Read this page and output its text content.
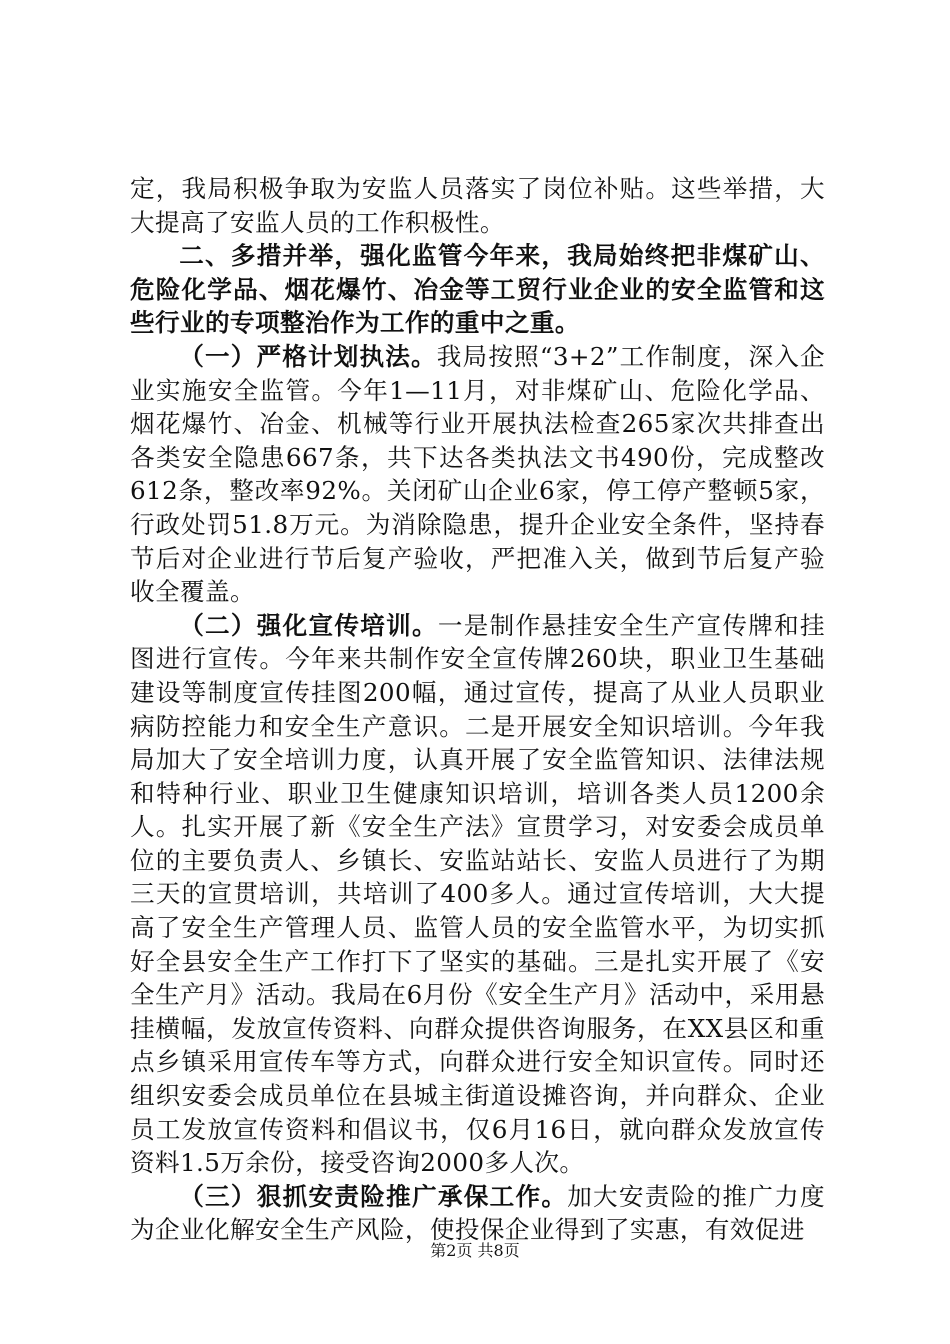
定，我局积极争取为安监人员落实了岗位补贴。这些举措，大大提高了安监人员的工作积极性。

二、多措并举，强化监管今年来，我局始终把非煤矿山、危险化学品、烟花爆竹、冶金等工贸行业企业的安全监管和这些行业的专项整治作为工作的重中之重。

（一）严格计划执法。我局按照“3+2”工作制度，深入企业实施安全监管。今年1—11月，对非煤矿山、危险化学品、烟花爆竹、冶金、机械等行业开展执法检查265家次共排查出各类安全隐患667条，共下达各类执法文书490份，完成整改612条，整改率92%。关闭矿山企业6家，停工停产整顿5家，行政处罚51.8万元。为消除隐患，提升企业安全条件，坚持春节后对企业进行节后复产验收，严把准入关，做到节后复产验收全覆盖。

（二）强化宣传培训。一是制作悬挂安全生产宣传牌和挂图进行宣传。今年来共制作安全宣传牌260块，职业卫生基础建设等制度宣传挂图200幅，通过宣传，提高了从业人员职业病防控能力和安全生产意识。二是开展安全知识培训。今年我局加大了安全培训力度，认真开展了安全监管知识、法律法规和特种行业、职业卫生健康知识培训，培训各类人员1200余人。扎实开展了新《安全生产法》宣贯学习，对安委会成员单位的主要负责人、乡镇长、安监站站长、安监人员进行了为期三天的宣贯培训，共培训了400多人。通过宣传培训，大大提高了安全生产管理人员、监管人员的安全监管水平，为切实抓好全县安全生产工作打下了坚实的基础。三是扎实开展了《安全生产月》活动。我局在6月份《安全生产月》活动中，采用悬挂横幅，发放宣传资料、向群众提供咨询服务，在XX县区和重点乡镇采用宣传车等方式，向群众进行安全知识宣传。同时还组织安委会成员单位在县城主街道设摊咨询，并向群众、企业员工发放宣传资料和倡议书，仅6月16日，就向群众发放宣传资料1.5万余份，接受咨询2000多人次。

（三）狠抓安责险推广承保工作。加大安责险的推广力度为企业化解安全生产风险，使投保企业得到了实惠，有效促进

第2页 共8页
